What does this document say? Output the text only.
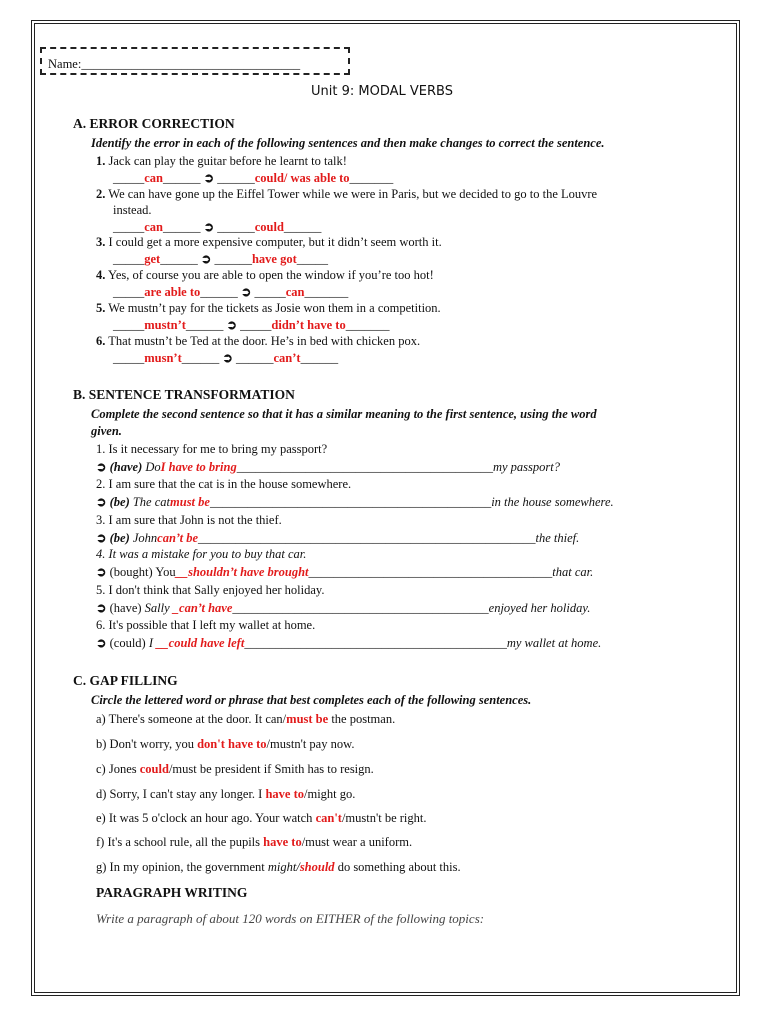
Name:___________________________________
Unit 9: MODAL VERBS
A. ERROR CORRECTION
Identify the error in each of the following sentences and then make changes to correct the sentence.
1. Jack can play the guitar before he learnt to talk!
_____can______ ➲ ______could/ was able to_______
2. We can have gone up the Eiffel Tower while we were in Paris, but we decided to go to the Louvre
instead.
_____can______ ➲ ______could______
3. I could get a more expensive computer, but it didn’t seem worth it.
_____get______ ➲ ______have got_____
4. Yes, of course you are able to open the window if you’re too hot!
_____are able to______ ➲ _____can_______
5. We mustn’t pay for the tickets as Josie won them in a competition.
_____mustn’t______ ➲ _____didn’t have to_______
6. That mustn’t be Ted at the door. He’s in bed with chicken pox.
_____musn’t______ ➲ ______can’t______
B. SENTENCE TRANSFORMATION
Complete the second sentence so that it has a similar meaning to the first sentence, using the word
given.
1. Is it necessary for me to bring my passport?
➲ (have) DoI have to bring_________________________________________my passport?
2. I am sure that the cat is in the house somewhere.
➲ (be) The catmust be_____________________________________________in the house somewhere.
3. I am sure that John is not the thief.
➲ (be) Johncan’t be______________________________________________________the thief.
4. It was a mistake for you to buy that car.
➲ (bought) You__shouldn’t have brought_______________________________________that car.
5. I don't think that Sally enjoyed her holiday.
➲ (have) Sally _can’t have_________________________________________enjoyed her holiday.
6. It's possible that I left my wallet at home.
➲ (could) I __could have left__________________________________________my wallet at home.
C. GAP FILLING
Circle the lettered word or phrase that best completes each of the following sentences.
a) There's someone at the door. It can/must be the postman.
b) Don't worry, you don't have to/mustn't pay now.
c) Jones could/must be president if Smith has to resign.
d) Sorry, I can't stay any longer. I have to/might go.
e) It was 5 o'clock an hour ago. Your watch can't/mustn't be right.
f) It's a school rule, all the pupils have to/must wear a uniform.
g) In my opinion, the government might/should do something about this.
PARAGRAPH WRITING
Write a paragraph of about 120 words on EITHER of the following topics:
